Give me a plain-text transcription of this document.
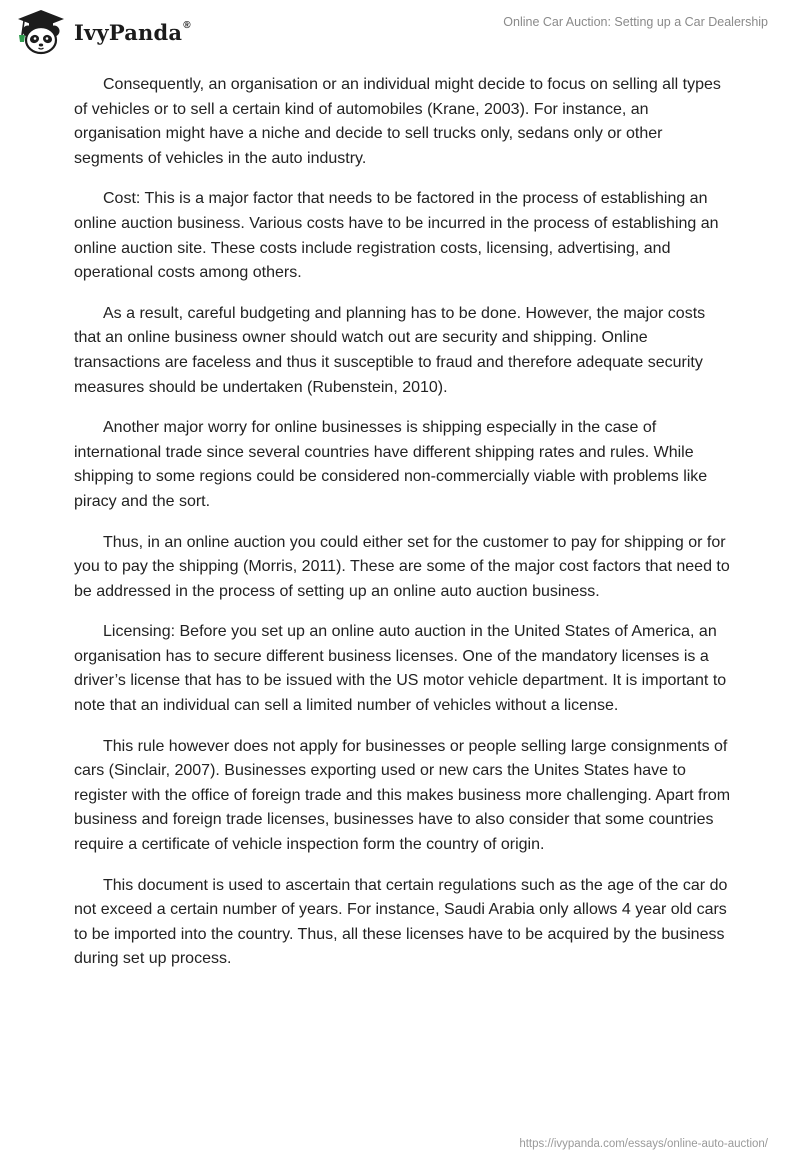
IvyPanda®	Online Car Auction: Setting up a Car Dealership

Consequently, an organisation or an individual might decide to focus on selling all types of vehicles or to sell a certain kind of automobiles (Krane, 2003). For instance, an organisation might have a niche and decide to sell trucks only, sedans only or other segments of vehicles in the auto industry.

Cost: This is a major factor that needs to be factored in the process of establishing an online auction business. Various costs have to be incurred in the process of establishing an online auction site. These costs include registration costs, licensing, advertising, and operational costs among others.

As a result, careful budgeting and planning has to be done. However, the major costs that an online business owner should watch out are security and shipping. Online transactions are faceless and thus it susceptible to fraud and therefore adequate security measures should be undertaken (Rubenstein, 2010).

Another major worry for online businesses is shipping especially in the case of international trade since several countries have different shipping rates and rules. While shipping to some regions could be considered non-commercially viable with problems like piracy and the sort.

Thus, in an online auction you could either set for the customer to pay for shipping or for you to pay the shipping (Morris, 2011). These are some of the major cost factors that need to be addressed in the process of setting up an online auto auction business.

Licensing: Before you set up an online auto auction in the United States of America, an organisation has to secure different business licenses. One of the mandatory licenses is a driver’s license that has to be issued with the US motor vehicle department. It is important to note that an individual can sell a limited number of vehicles without a license.

This rule however does not apply for businesses or people selling large consignments of cars (Sinclair, 2007). Businesses exporting used or new cars the Unites States have to register with the office of foreign trade and this makes business more challenging. Apart from business and foreign trade licenses, businesses have to also consider that some countries require a certificate of vehicle inspection form the country of origin.

This document is used to ascertain that certain regulations such as the age of the car do not exceed a certain number of years. For instance, Saudi Arabia only allows 4 year old cars to be imported into the country. Thus, all these licenses have to be acquired by the business during set up process.

https://ivypanda.com/essays/online-auto-auction/
